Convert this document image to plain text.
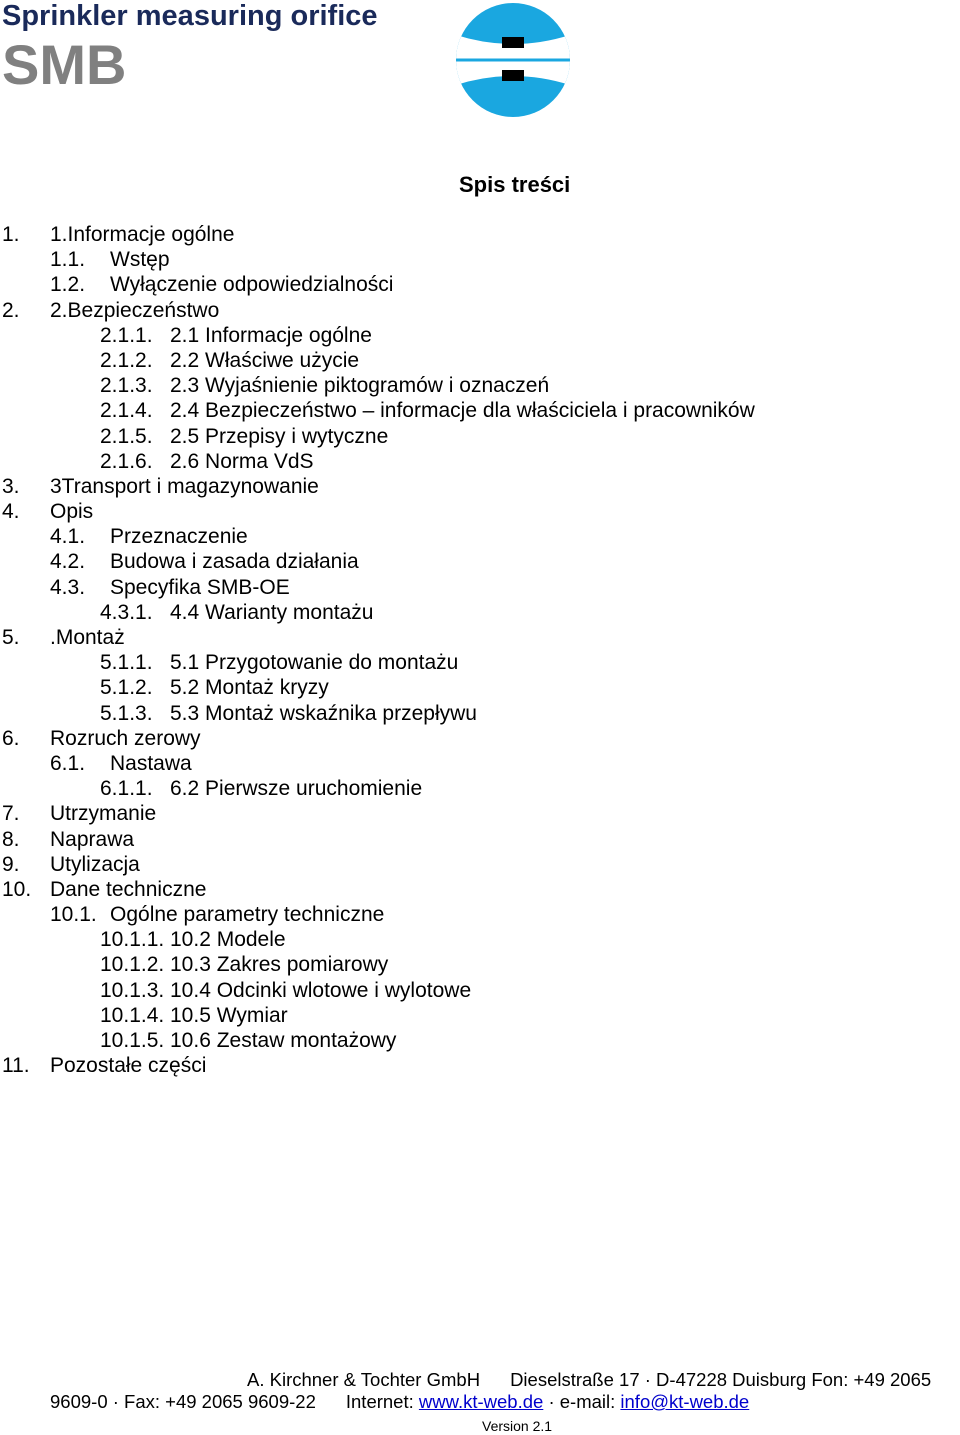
Sprinkler measuring orifice
SMB
Spis treści
1. 1.Informacje ogólne
1.1. Wstęp
1.2. Wyłączenie odpowiedzialności
2. 2.Bezpieczeństwo
2.1.1. 2.1 Informacje ogólne
2.1.2. 2.2 Właściwe użycie
2.1.3. 2.3 Wyjaśnienie piktogramów i oznaczeń
2.1.4. 2.4 Bezpieczeństwo – informacje dla właściciela i pracowników
2.1.5. 2.5 Przepisy i wytyczne
2.1.6. 2.6 Norma VdS
3. 3Transport i magazynowanie
4. Opis
4.1. Przeznaczenie
4.2. Budowa i zasada działania
4.3. Specyfika SMB-OE
4.3.1. 4.4 Warianty montażu
5. .Montaż
5.1.1. 5.1 Przygotowanie do montażu
5.1.2. 5.2 Montaż kryzy
5.1.3. 5.3 Montaż wskaźnika przepływu
6. Rozruch zerowy
6.1. Nastawa
6.1.1. 6.2 Pierwsze uruchomienie
7. Utrzymanie
8. Naprawa
9. Utylizacja
10. Dane techniczne
10.1. Ogólne parametry techniczne
10.1.1. 10.2 Modele
10.1.2. 10.3 Zakres pomiarowy
10.1.3. 10.4 Odcinki wlotowe i wylotowe
10.1.4. 10.5 Wymiar
10.1.5. 10.6 Zestaw montażowy
11. Pozostałe części
A. Kirchner & Tochter GmbH Dieselstraße 17 · D-47228 Duisburg Fon: +49 2065
9609-0 · Fax: +49 2065 9609-22 Internet: www.kt-web.de · e-mail: info@kt-web.de
Version 2.1
